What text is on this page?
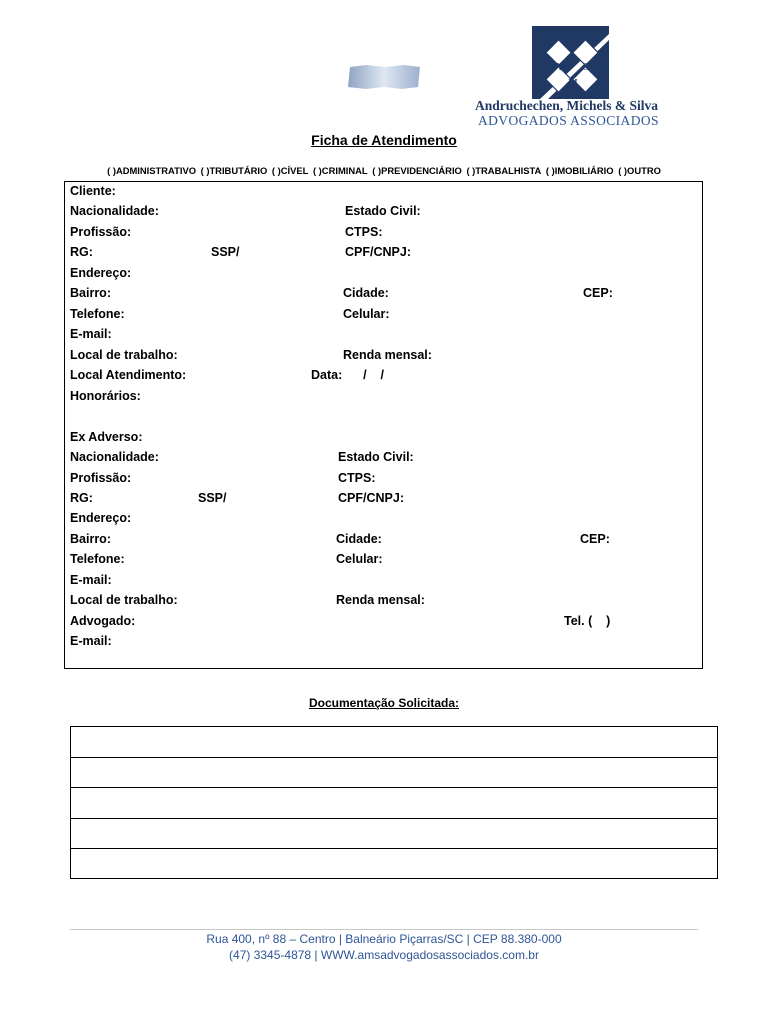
A
M
S
Andruchechen, Michels & Silva
ADVOGADOS ASSOCIADOS
Ficha de Atendimento
( )ADMINISTRATIVO ( )TRIBUTÁRIO ( )CÍVEL ( )CRIMINAL ( )PREVIDENCIÁRIO ( )TRABALHISTA ( )IMOBILIÁRIO ( )OUTRO
Cliente:
Nacionalidade:	Estado Civil:
Profissão:	CTPS:
RG:	SSP/	CPF/CNPJ:
Endereço:
Bairro:	Cidade:	CEP:
Telefone:	Celular:
E-mail:
Local de trabalho:	Renda mensal:
Local Atendimento:	Data:      /    /
Honorários:
Ex Adverso:
Nacionalidade:	Estado Civil:
Profissão:	CTPS:
RG:	SSP/	CPF/CNPJ:
Endereço:
Bairro:	Cidade:	CEP:
Telefone:	Celular:
E-mail:
Local de trabalho:	Renda mensal:
Advogado:	Tel. (    )
E-mail:
Documentação Solicitada:
Rua 400, nº 88 – Centro | Balneário Piçarras/SC | CEP 88.380-000
(47) 3345-4878 | WWW.amsadvogadosassociados.com.br
